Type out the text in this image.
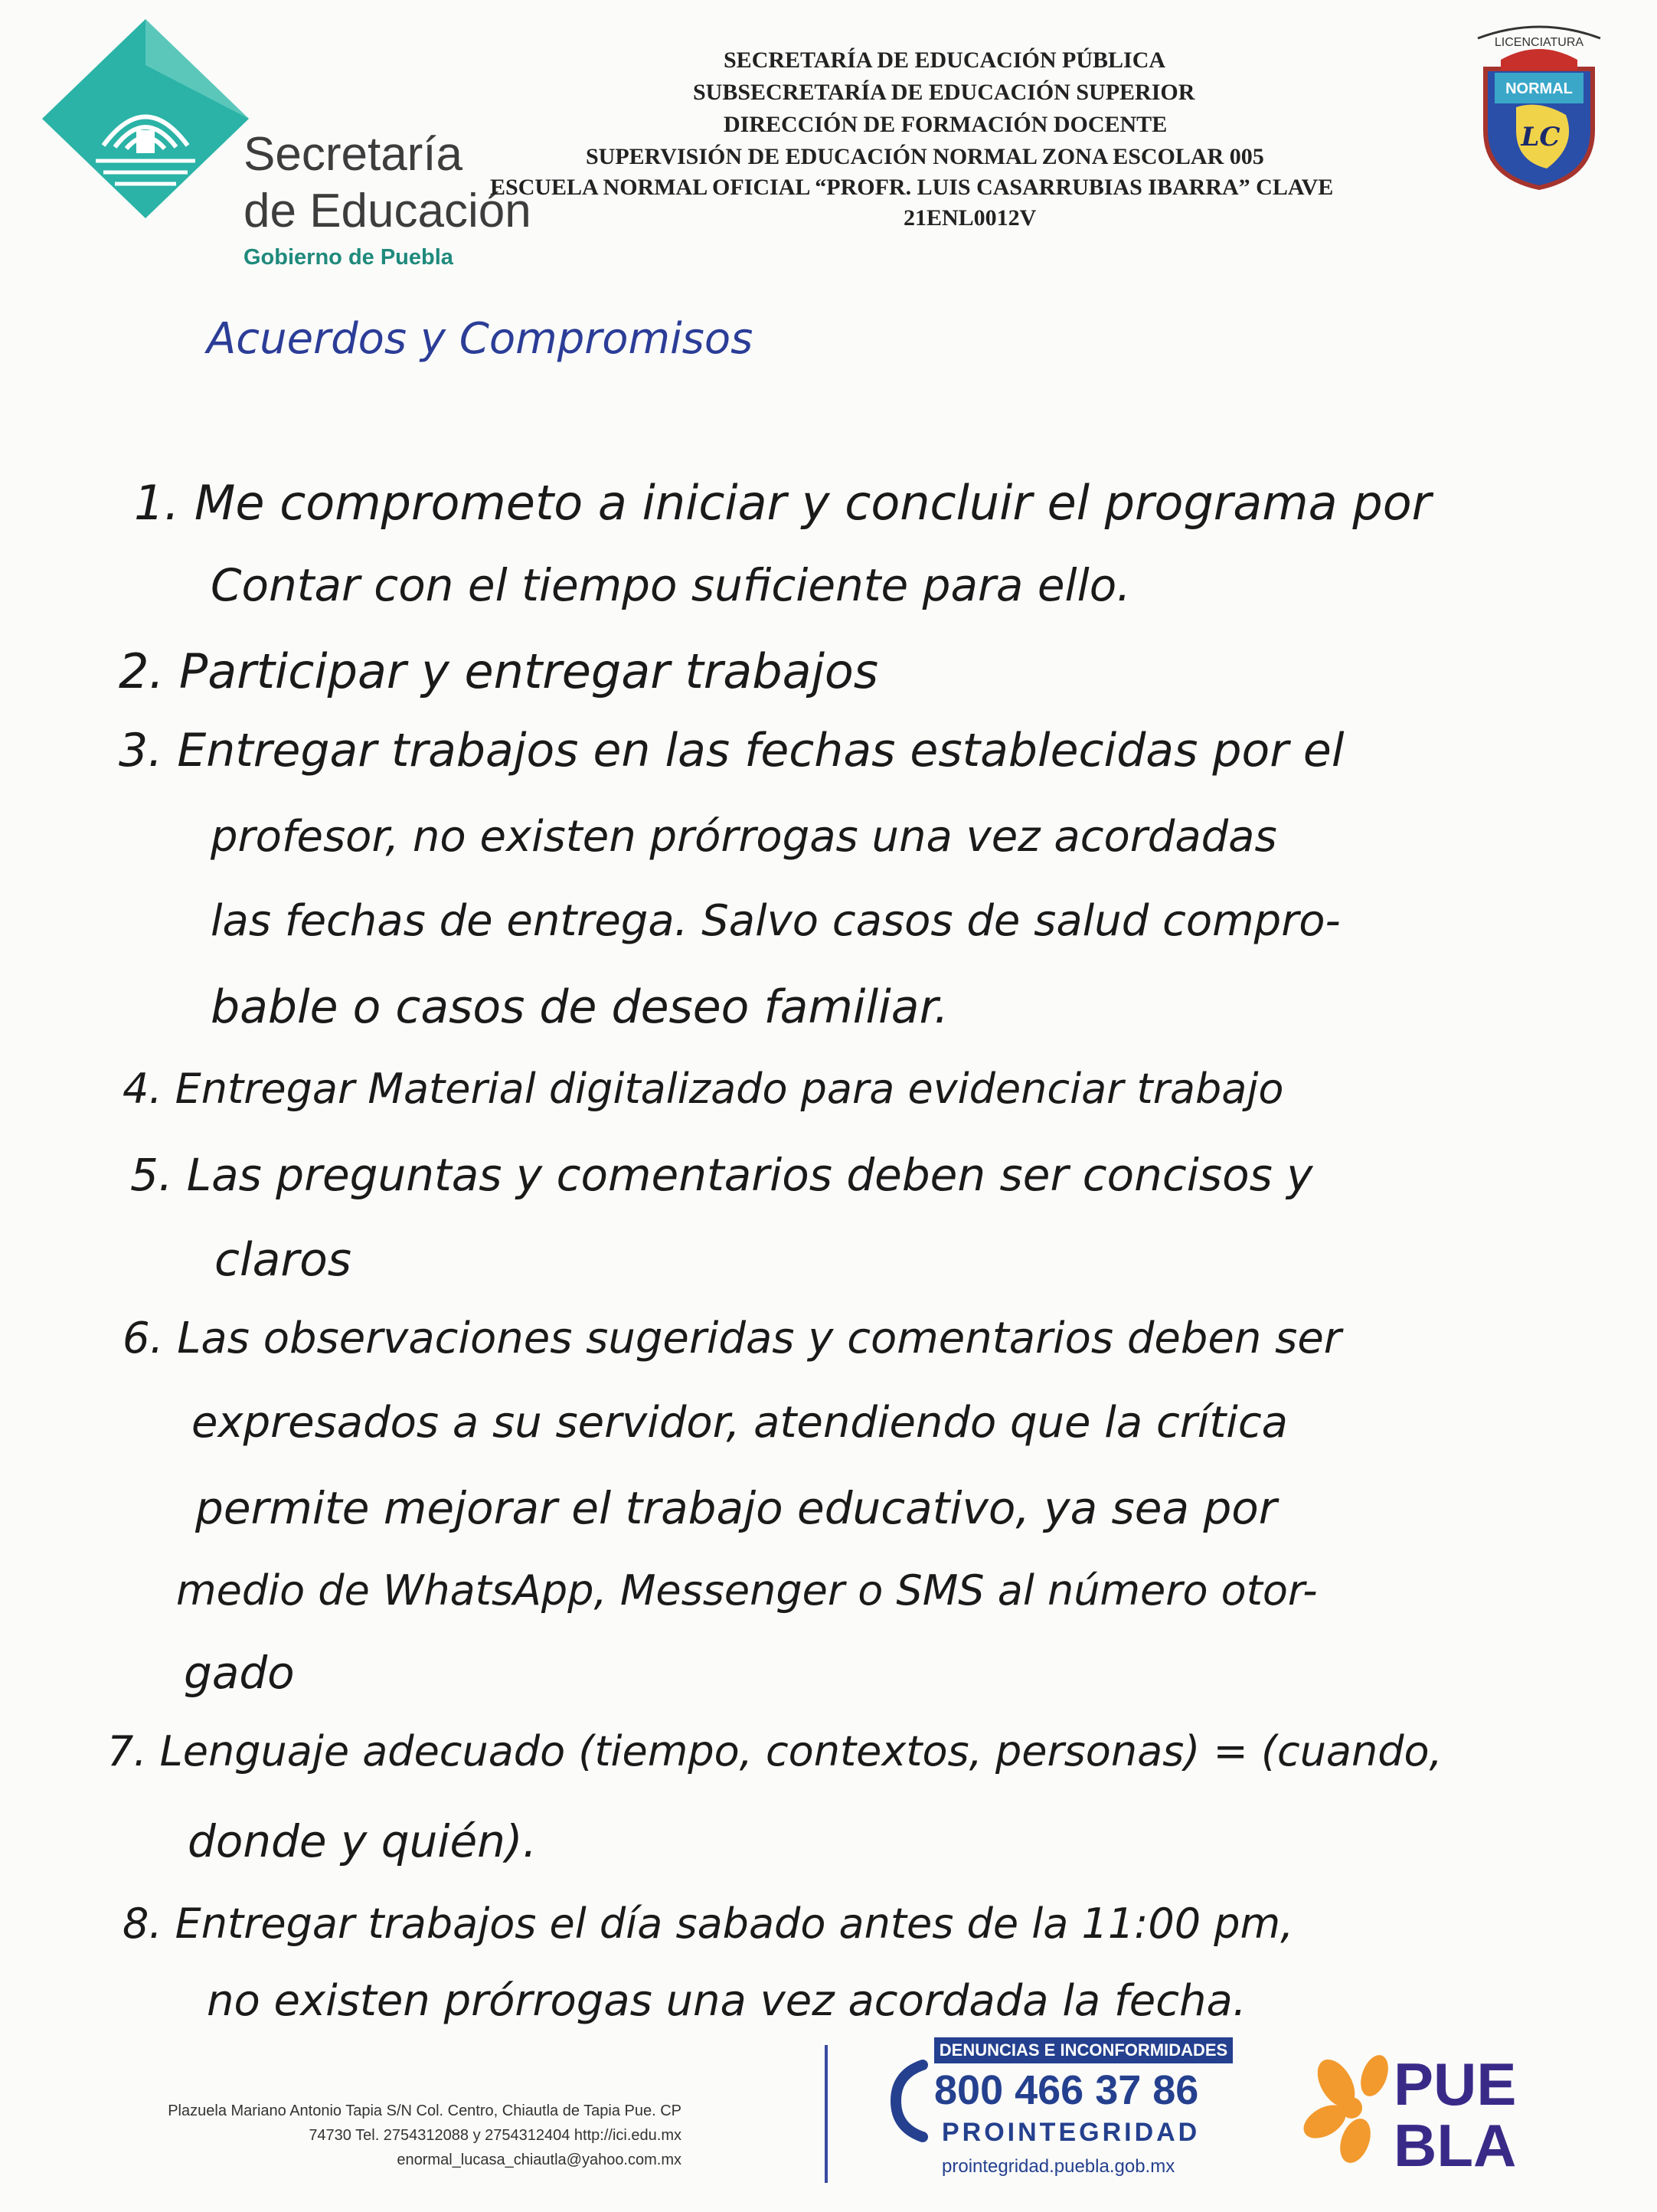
Secretaría
de Educación
Gobierno de Puebla
SECRETARÍA DE EDUCACIÓN PÚBLICA
SUBSECRETARÍA DE EDUCACIÓN SUPERIOR
DIRECCIÓN DE FORMACIÓN DOCENTE
SUPERVISIÓN DE EDUCACIÓN NORMAL ZONA ESCOLAR 005
ESCUELA NORMAL OFICIAL “PROFR. LUIS CASARRUBIAS IBARRA” CLAVE
21ENL0012V
NORMAL
LC
LICENCIATURA
Acuerdos y Compromisos
1. Me comprometo a iniciar y concluir el programa por
Contar con el tiempo suficiente para ello.
2. Participar y entregar trabajos
3. Entregar trabajos en las fechas establecidas por el
profesor, no existen prórrogas una vez acordadas
las fechas de entrega. Salvo casos de salud compro-
bable o casos de deseo familiar.
4. Entregar Material digitalizado para evidenciar trabajo
5. Las preguntas y comentarios deben ser concisos y
claros
6. Las observaciones sugeridas y comentarios deben ser
expresados a su servidor, atendiendo que la crítica
permite mejorar el trabajo educativo, ya sea por
medio de WhatsApp, Messenger o SMS al número otor-
gado
7. Lenguaje adecuado (tiempo, contextos, personas) = (cuando,
donde y quién).
8. Entregar trabajos el día sabado antes de la 11:00 pm,
no existen prórrogas una vez acordada la fecha.
Plazuela Mariano Antonio Tapia S/N Col. Centro, Chiautla de Tapia Pue. CP
74730 Tel. 2754312088 y 2754312404 http://ici.edu.mx
enormal_lucasa_chiautla@yahoo.com.mx
DENUNCIAS E INCONFORMIDADES
800 466 37 86
PROINTEGRIDAD
prointegridad.puebla.gob.mx
PUE
BLA
